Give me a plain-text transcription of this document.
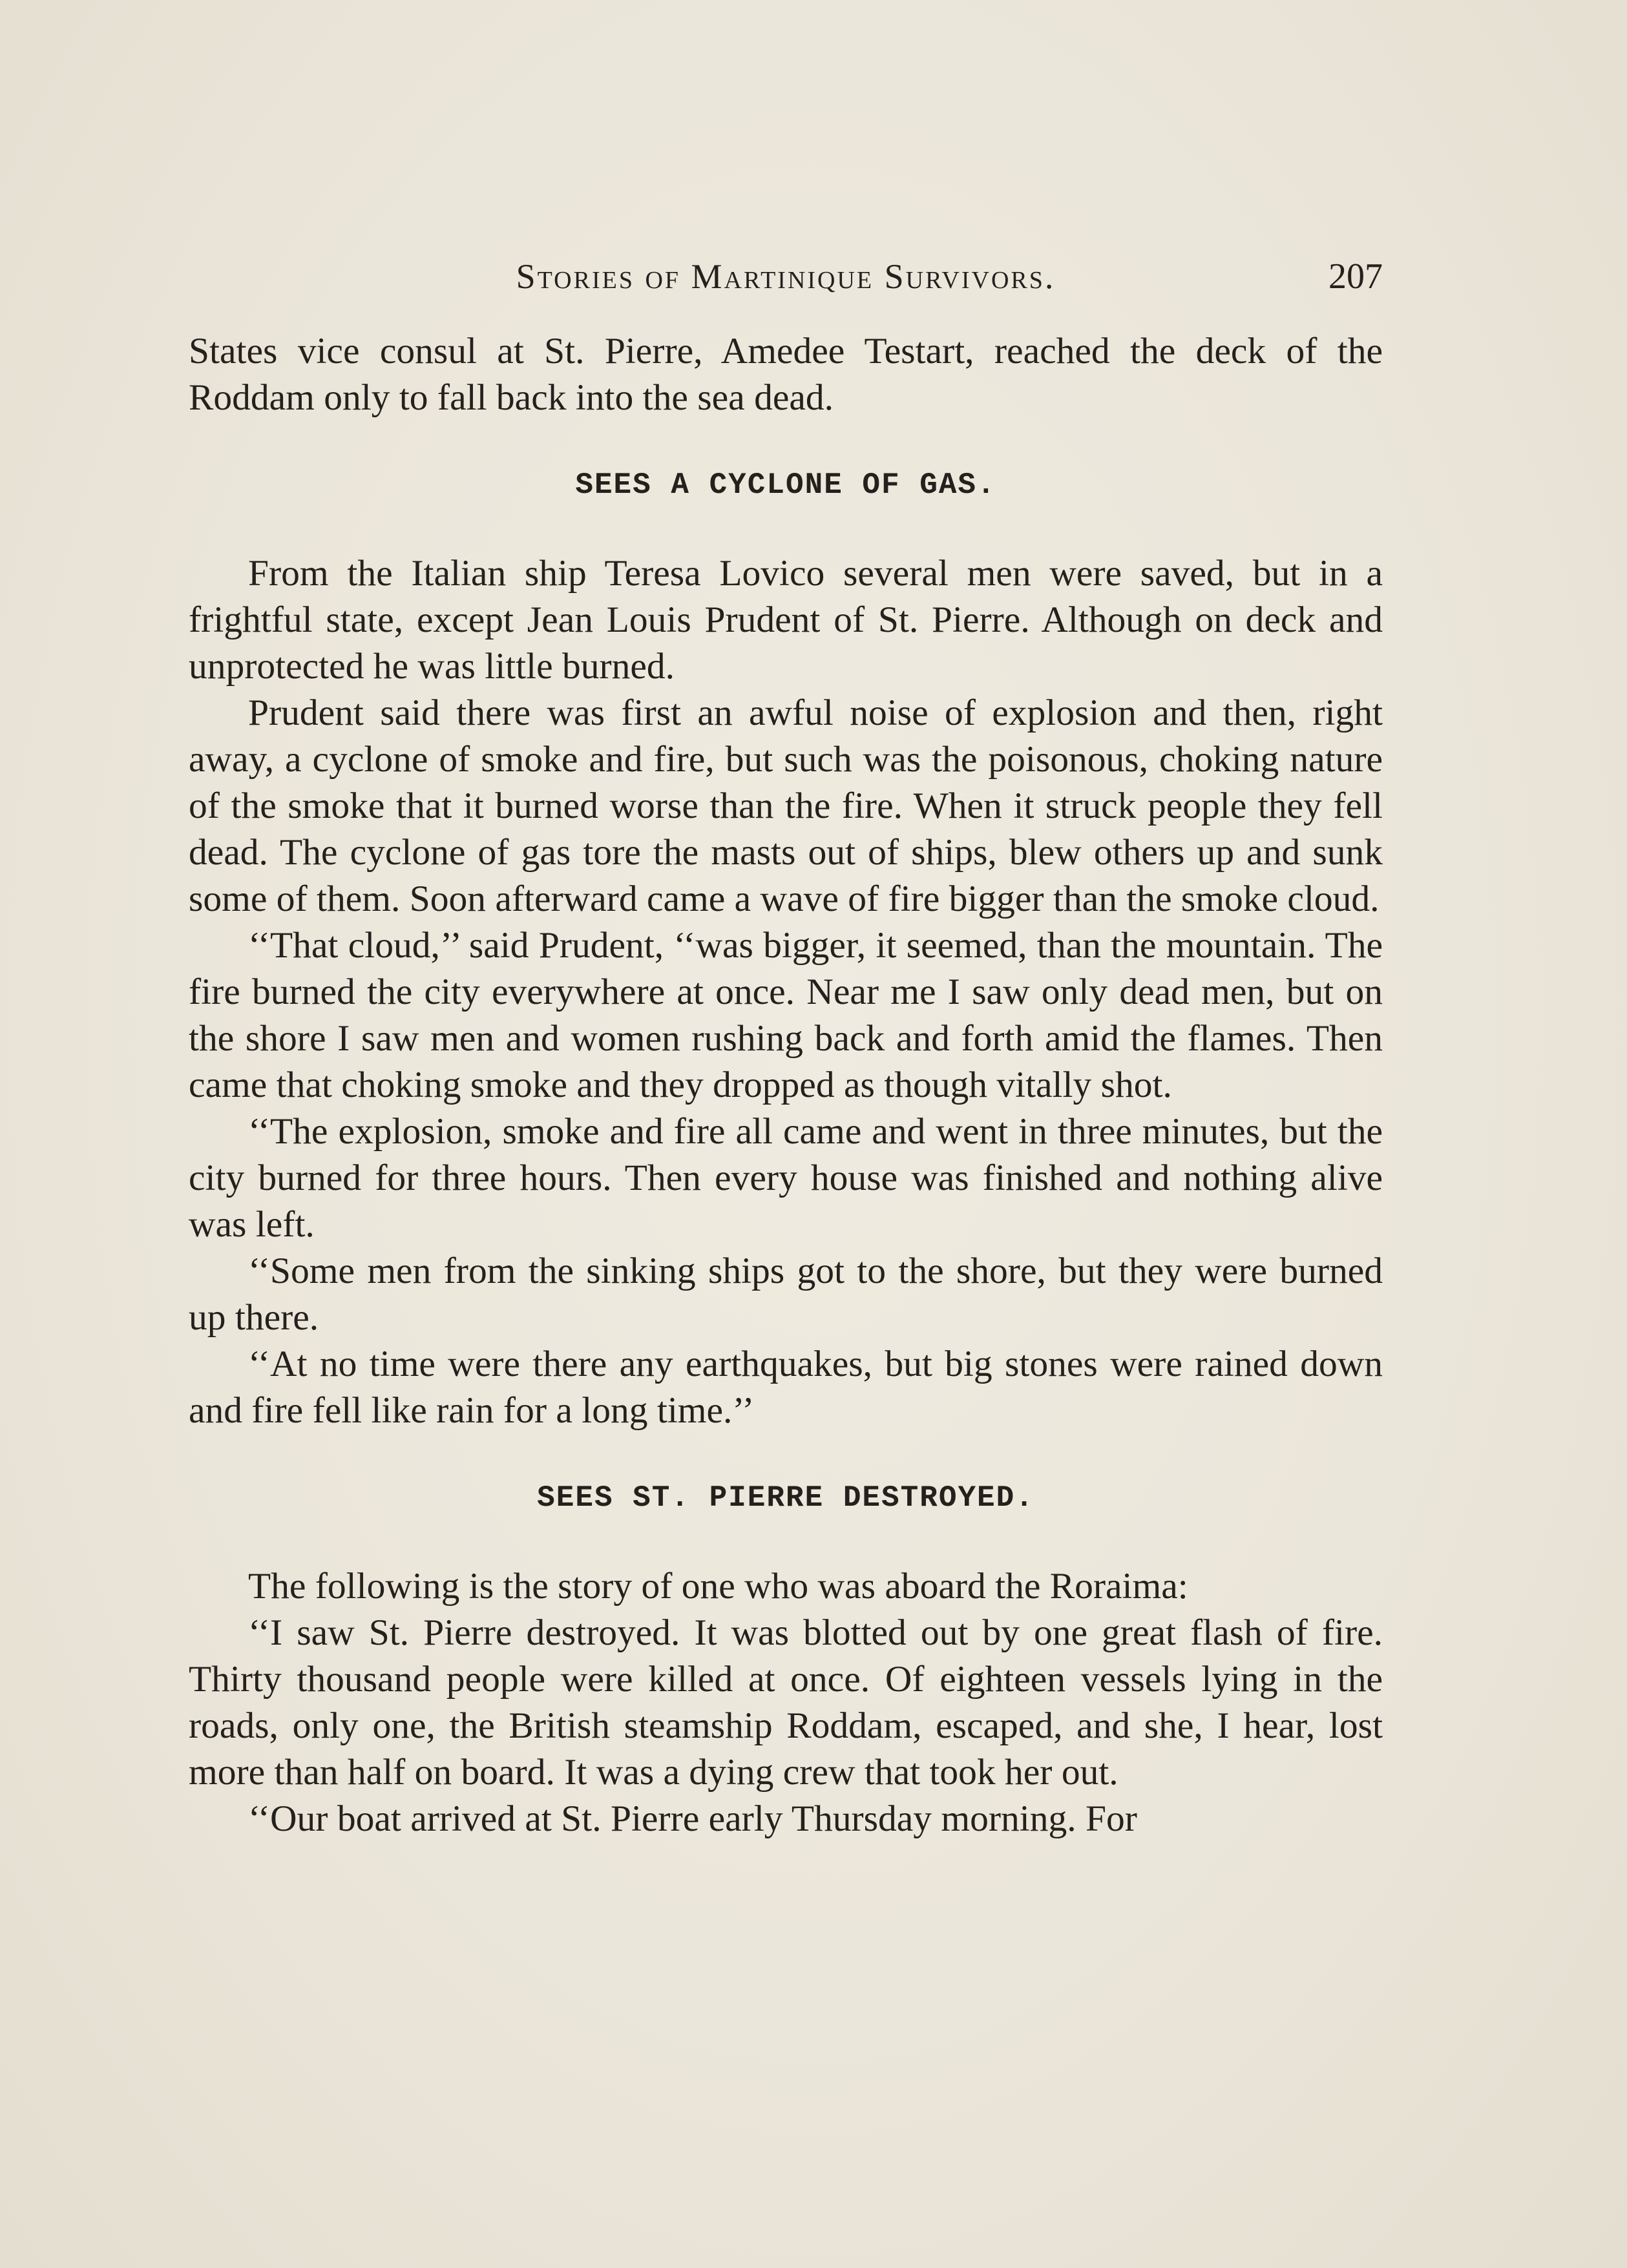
Stories of Martinique Survivors.	207

States vice consul at St. Pierre, Amedee Testart, reached the deck of the Roddam only to fall back into the sea dead.

SEES A CYCLONE OF GAS.

From the Italian ship Teresa Lovico several men were saved, but in a frightful state, except Jean Louis Prudent of St. Pierre. Although on deck and unprotected he was little burned.

Prudent said there was first an awful noise of explosion and then, right away, a cyclone of smoke and fire, but such was the poisonous, choking nature of the smoke that it burned worse than the fire. When it struck people they fell dead. The cyclone of gas tore the masts out of ships, blew others up and sunk some of them. Soon afterward came a wave of fire bigger than the smoke cloud.

‘‘That cloud,’’ said Prudent, ‘‘was bigger, it seemed, than the mountain. The fire burned the city everywhere at once. Near me I saw only dead men, but on the shore I saw men and women rushing back and forth amid the flames. Then came that choking smoke and they dropped as though vitally shot.

‘‘The explosion, smoke and fire all came and went in three minutes, but the city burned for three hours. Then every house was finished and nothing alive was left.

‘‘Some men from the sinking ships got to the shore, but they were burned up there.

‘‘At no time were there any earthquakes, but big stones were rained down and fire fell like rain for a long time.’’

SEES ST. PIERRE DESTROYED.

The following is the story of one who was aboard the Roraima:

‘‘I saw St. Pierre destroyed. It was blotted out by one great flash of fire. Thirty thousand people were killed at once. Of eighteen vessels lying in the roads, only one, the British steamship Roddam, escaped, and she, I hear, lost more than half on board. It was a dying crew that took her out.

‘‘Our boat arrived at St. Pierre early Thursday morning. For
